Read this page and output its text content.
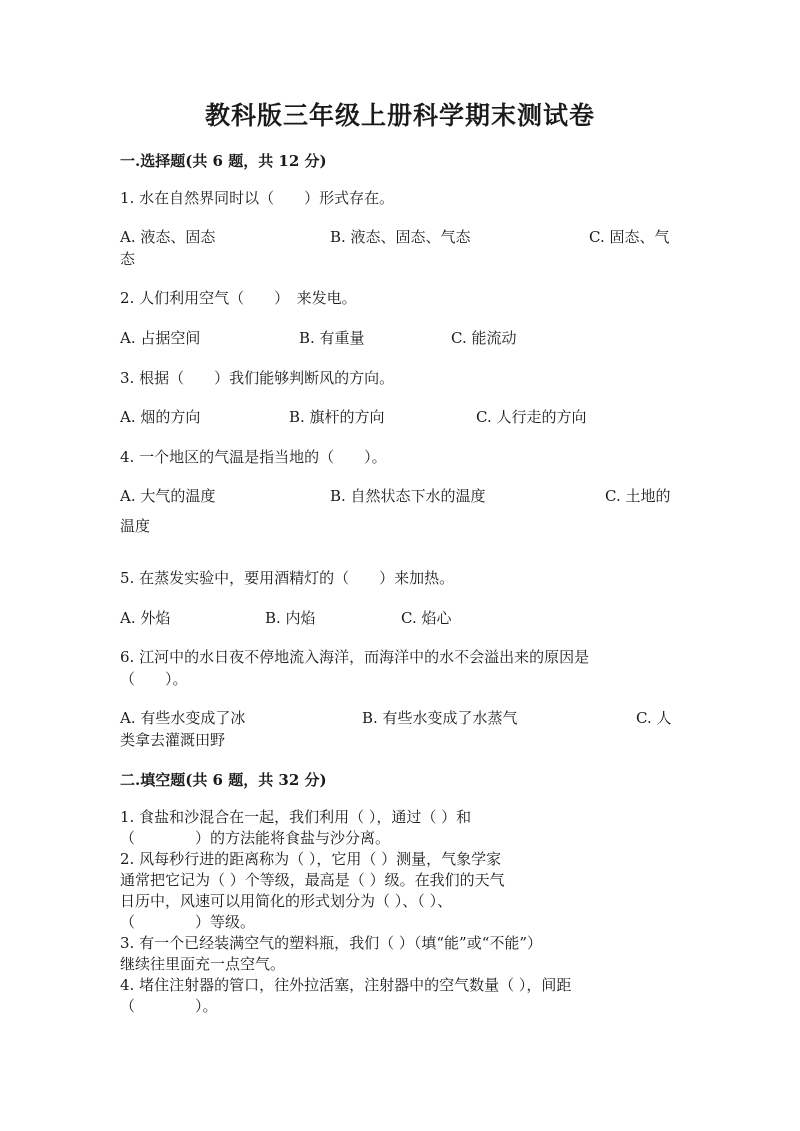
教科版三年级上册科学期末测试卷

一.选择题(共 6 题，共 12 分)

1. 水在自然界同时以（　　）形式存在。

A. 液态、固态	B. 液态、固态、气态	C. 固态、气
态

2. 人们利用空气（　　）　来发电。

A. 占据空间	B. 有重量	C. 能流动

3. 根据（　　）我们能够判断风的方向。

A. 烟的方向	B. 旗杆的方向	C. 人行走的方向

4. 一个地区的气温是指当地的（　　）。

A. 大气的温度	B. 自然状态下水的温度	C. 土地的
温度

5. 在蒸发实验中，要用酒精灯的（　　）来加热。

A. 外焰	B. 内焰	C. 焰心

6. 江河中的水日夜不停地流入海洋，而海洋中的水不会溢出来的原因是
（　　）。

A. 有些水变成了冰	B. 有些水变成了水蒸气	C. 人
类拿去灌溉田野

二.填空题(共 6 题，共 32 分)

1. 食盐和沙混合在一起，我们利用（ ），通过（ ）和
（　　　　）的方法能将食盐与沙分离。
2. 风每秒行进的距离称为（ ），它用（ ）测量，气象学家
通常把它记为（ ）个等级，最高是（ ）级。在我们的天气
日历中，风速可以用简化的形式划分为（ ）、（ ）、
（　　　　）等级。
3. 有一个已经装满空气的塑料瓶，我们（ ）（填“能”或“不能”）
继续往里面充一点空气。
4. 堵住注射器的管口，往外拉活塞，注射器中的空气数量（ ），间距
（　　　　）。
